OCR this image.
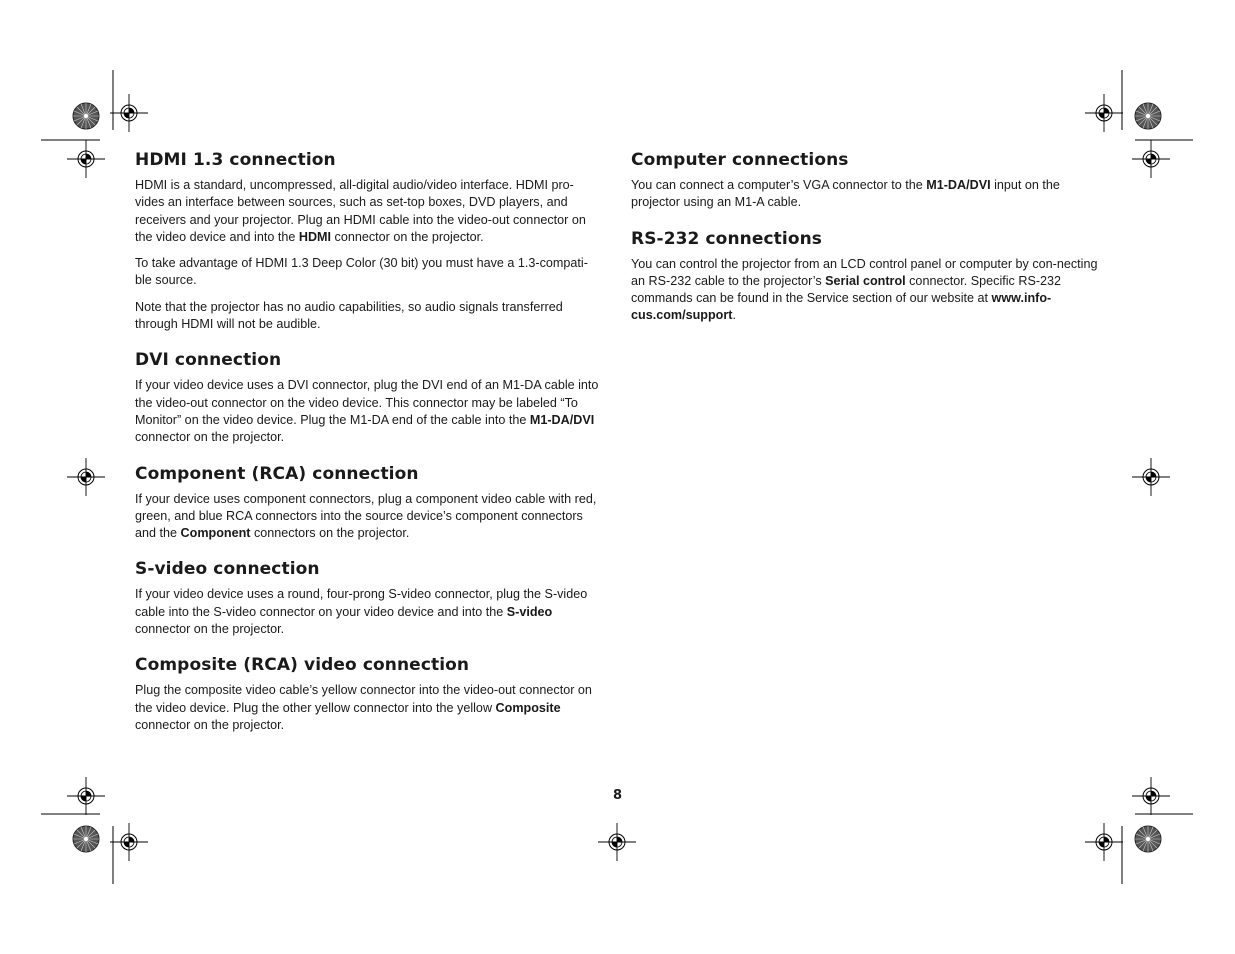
HDMI 1.3 connection

HDMI is a standard, uncompressed, all-digital audio/video interface. HDMI pro-vides an interface between sources, such as set-top boxes, DVD players, and receivers and your projector. Plug an HDMI cable into the video-out connector on the video device and into the HDMI connector on the projector.

To take advantage of HDMI 1.3 Deep Color (30 bit) you must have a 1.3-compati-ble source.

Note that the projector has no audio capabilities, so audio signals transferred through HDMI will not be audible.

DVI connection

If your video device uses a DVI connector, plug the DVI end of an M1-DA cable into the video-out connector on the video device. This connector may be labeled “To Monitor” on the video device. Plug the M1-DA end of the cable into the M1-DA/DVI connector on the projector.

Component (RCA) connection

If your device uses component connectors, plug a component video cable with red, green, and blue RCA connectors into the source device’s component connectors and the Component connectors on the projector.

S-video connection

If your video device uses a round, four-prong S-video connector, plug the S-video cable into the S-video connector on your video device and into the S-video connector on the projector.

Composite (RCA) video connection

Plug the composite video cable’s yellow connector into the video-out connector on the video device. Plug the other yellow connector into the yellow Composite connector on the projector.

Computer connections

You can connect a computer’s VGA connector to the M1-DA/DVI input on the projector using an M1-A cable.

RS-232 connections

You can control the projector from an LCD control panel or computer by con-necting an RS-232 cable to the projector’s Serial control connector. Specific RS-232 commands can be found in the Service section of our website at www.info-cus.com/support.

8
